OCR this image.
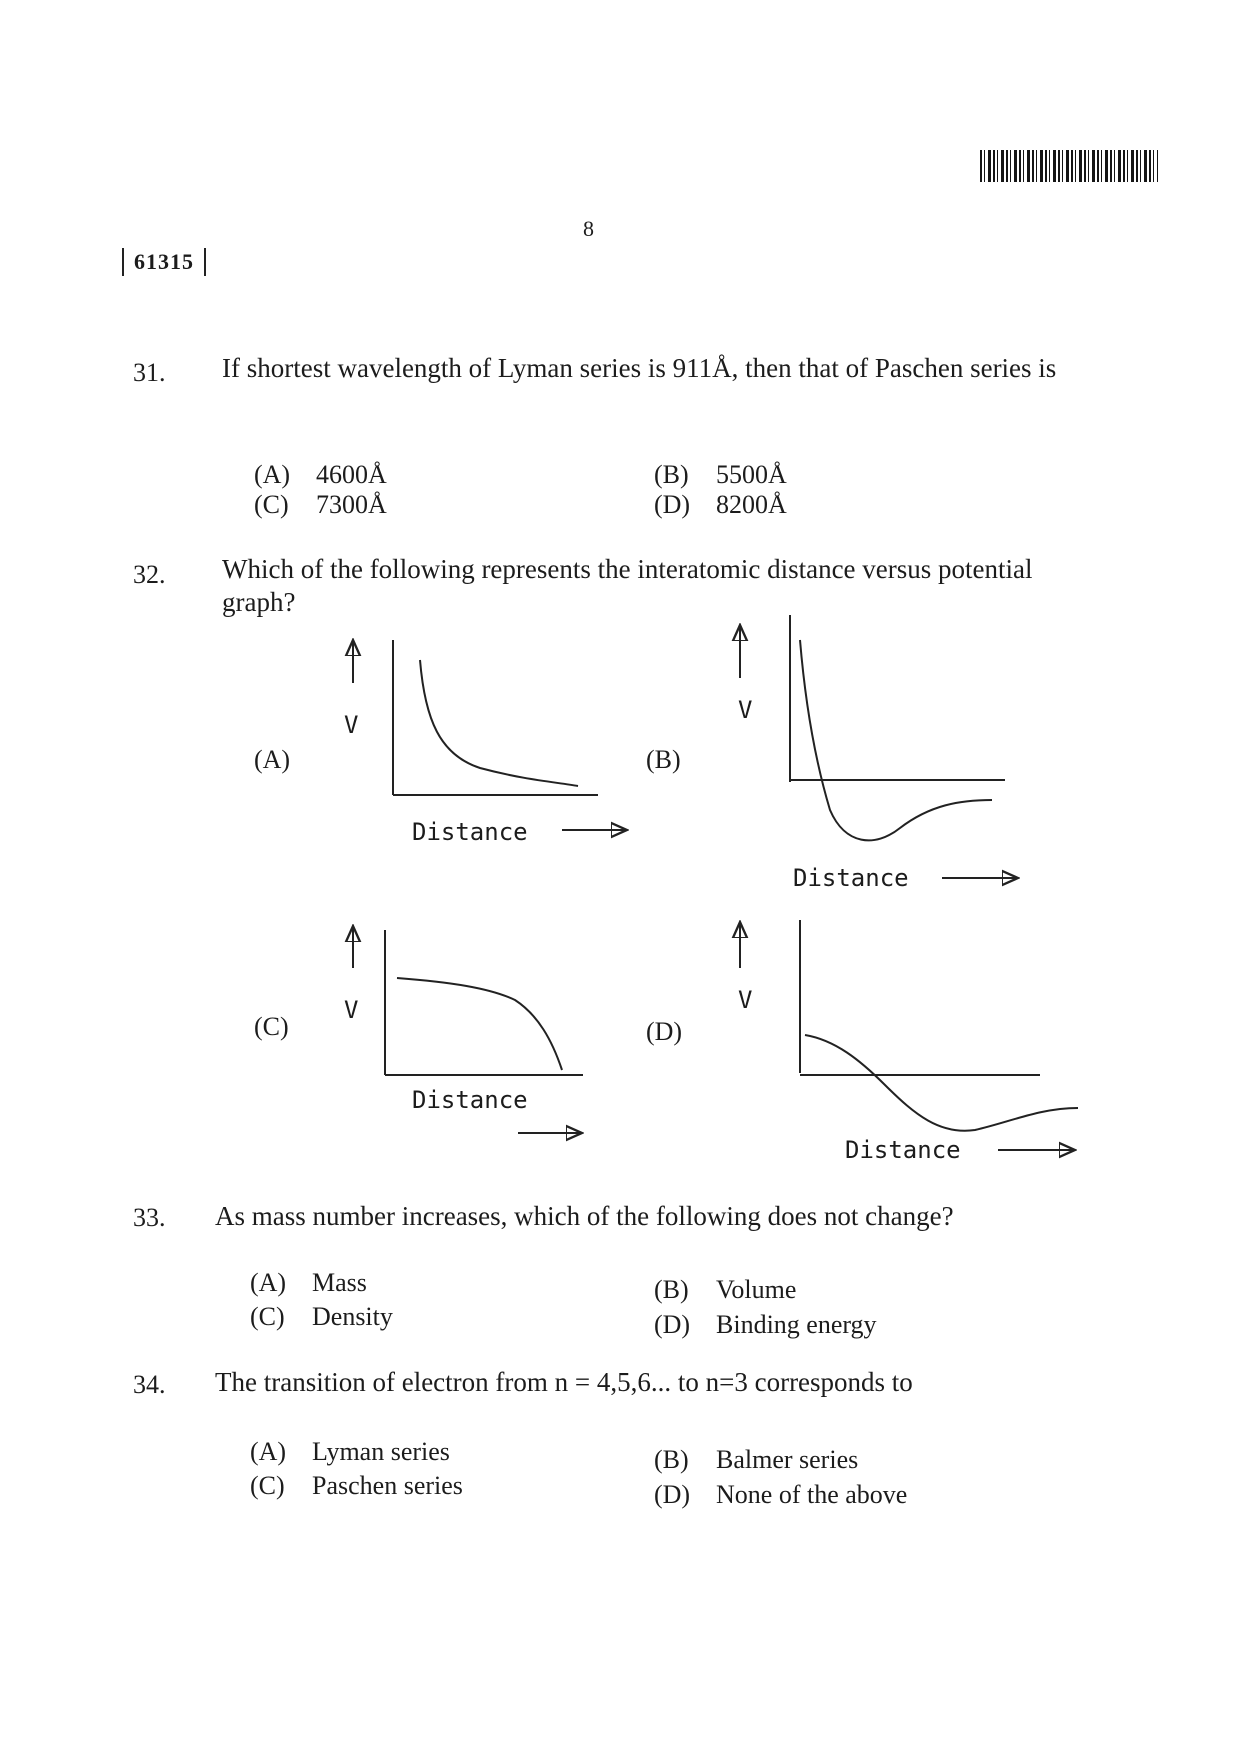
8
61315
31. If shortest wavelength of Lyman series is 911Å, then that of Paschen series is
(A) 4600Å	(B) 5500Å
(C) 7300Å	(D) 8200Å
32. Which of the following represents the interatomic distance versus potential graph?
(A)	(B)
(C)	(D)
V
Distance
V
Distance
V
Distance
V
Distance
33. As mass number increases, which of the following does not change?
(A) Mass	(B) Volume
(C) Density	(D) Binding energy
34. The transition of electron from n = 4,5,6... to n=3 corresponds to
(A) Lyman series	(B) Balmer series
(C) Paschen series	(D) None of the above
